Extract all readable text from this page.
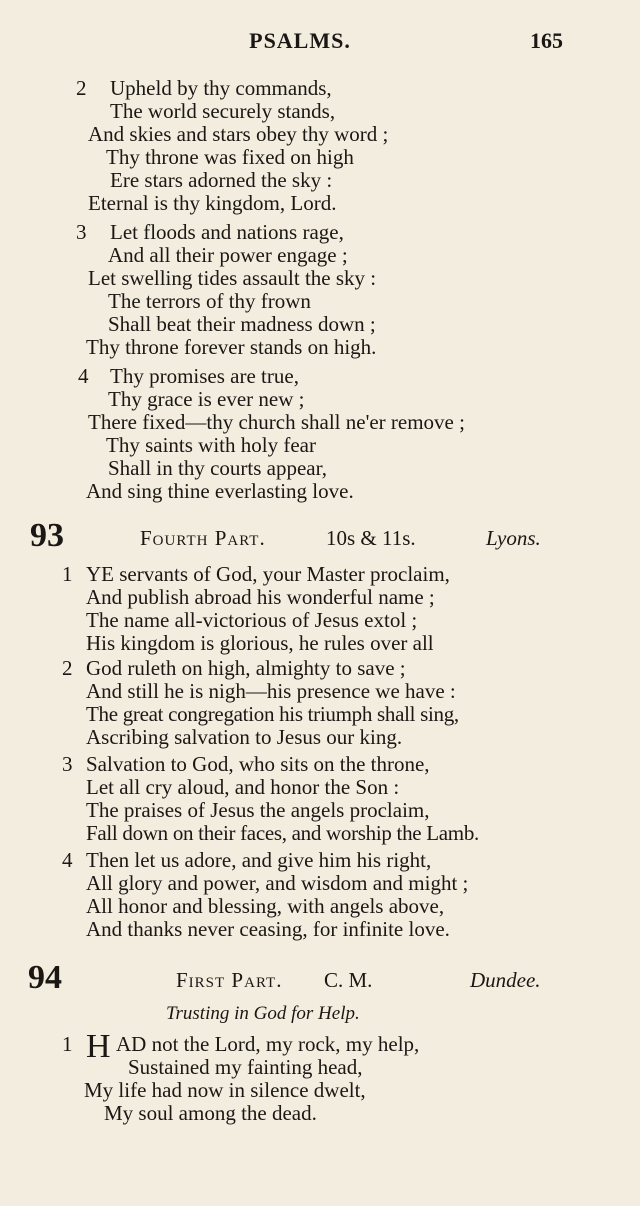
PSALMS.	165
2 Upheld by thy commands,
The world securely stands,
And skies and stars obey thy word ;
Thy throne was fixed on high
Ere stars adorned the sky :
Eternal is thy kingdom, Lord.
3 Let floods and nations rage,
And all their power engage ;
Let swelling tides assault the sky :
The terrors of thy frown
Shall beat their madness down ;
Thy throne forever stands on high.
4 Thy promises are true,
Thy grace is ever new ;
There fixed—thy church shall ne'er remove ;
Thy saints with holy fear
Shall in thy courts appear,
And sing thine everlasting love.
93	Fourth Part.	10s & 11s.	Lyons.
1 YE servants of God, your Master proclaim,
And publish abroad his wonderful name ;
The name all-victorious of Jesus extol ;
His kingdom is glorious, he rules over all
2 God ruleth on high, almighty to save ;
And still he is nigh—his presence we have :
The great congregation his triumph shall sing,
Ascribing salvation to Jesus our king.
3 Salvation to God, who sits on the throne,
Let all cry aloud, and honor the Son :
The praises of Jesus the angels proclaim,
Fall down on their faces, and worship the Lamb.
4 Then let us adore, and give him his right,
All glory and power, and wisdom and might ;
All honor and blessing, with angels above,
And thanks never ceasing, for infinite love.
94	First Part. C. M.	Dundee.
Trusting in God for Help.
1 H AD not the Lord, my rock, my help,
Sustained my fainting head,
My life had now in silence dwelt,
My soul among the dead.
